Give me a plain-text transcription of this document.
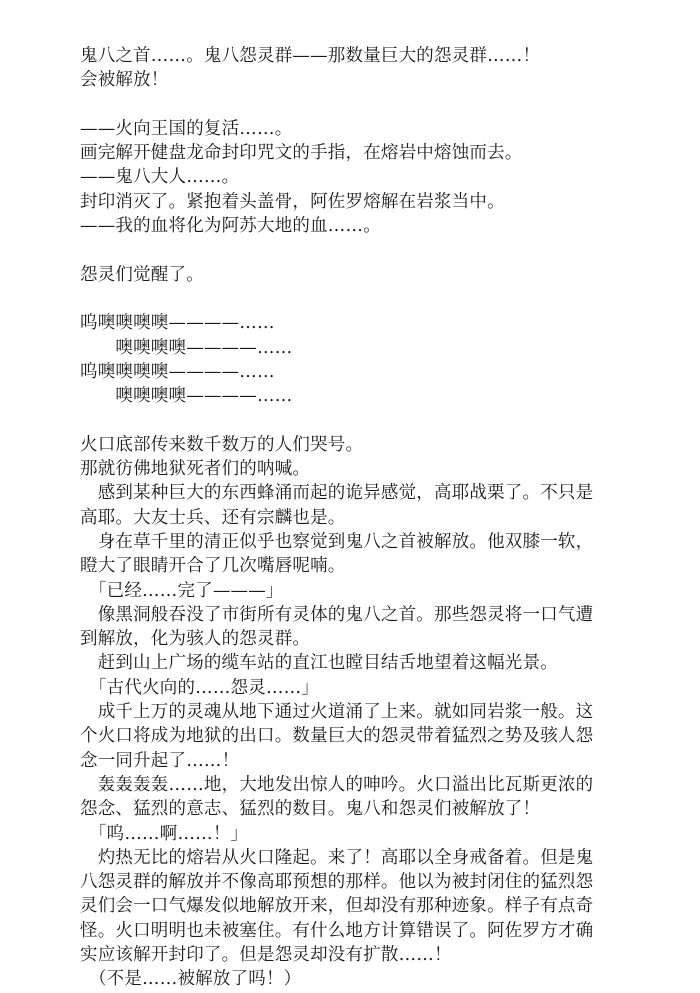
鬼八之首……。鬼八怨灵群——那数量巨大的怨灵群……！
会被解放！
——火向王国的复活……。
画完解开健盘龙命封印咒文的手指，在熔岩中熔蚀而去。
——鬼八大人……。
封印消灭了。紧抱着头盖骨，阿佐罗熔解在岩浆当中。
——我的血将化为阿苏大地的血……。
怨灵们觉醒了。
呜噢噢噢噢————……
　　噢噢噢噢————……
呜噢噢噢噢————……
　　噢噢噢噢————……
火口底部传来数千数万的人们哭号。
那就彷佛地狱死者们的呐喊。
　感到某种巨大的东西蜂涌而起的诡异感觉，高耶战栗了。不只是
高耶。大友士兵、还有宗麟也是。
　身在草千里的清正似乎也察觉到鬼八之首被解放。他双膝一软，
瞪大了眼睛开合了几次嘴唇呢喃。
　「已经……完了———」
　像黑洞般吞没了市街所有灵体的鬼八之首。那些怨灵将一口气遭
到解放，化为骇人的怨灵群。
　赶到山上广场的缆车站的直江也瞠目结舌地望着这幅光景。
　「古代火向的……怨灵……」
　成千上万的灵魂从地下通过火道涌了上来。就如同岩浆一般。这
个火口将成为地狱的出口。数量巨大的怨灵带着猛烈之势及骇人怨
念一同升起了……！
　轰轰轰轰……地，大地发出惊人的呻吟。火口溢出比瓦斯更浓的
怨念、猛烈的意志、猛烈的数目。鬼八和怨灵们被解放了！
　「呜……啊……！」
　灼热无比的熔岩从火口隆起。来了！高耶以全身戒备着。但是鬼
八怨灵群的解放并不像高耶预想的那样。他以为被封闭住的猛烈怨
灵们会一口气爆发似地解放开来，但却没有那种迹象。样子有点奇
怪。火口明明也未被塞住。有什么地方计算错误了。阿佐罗方才确
实应该解开封印了。但是怨灵却没有扩散……！
　（不是……被解放了吗！）
